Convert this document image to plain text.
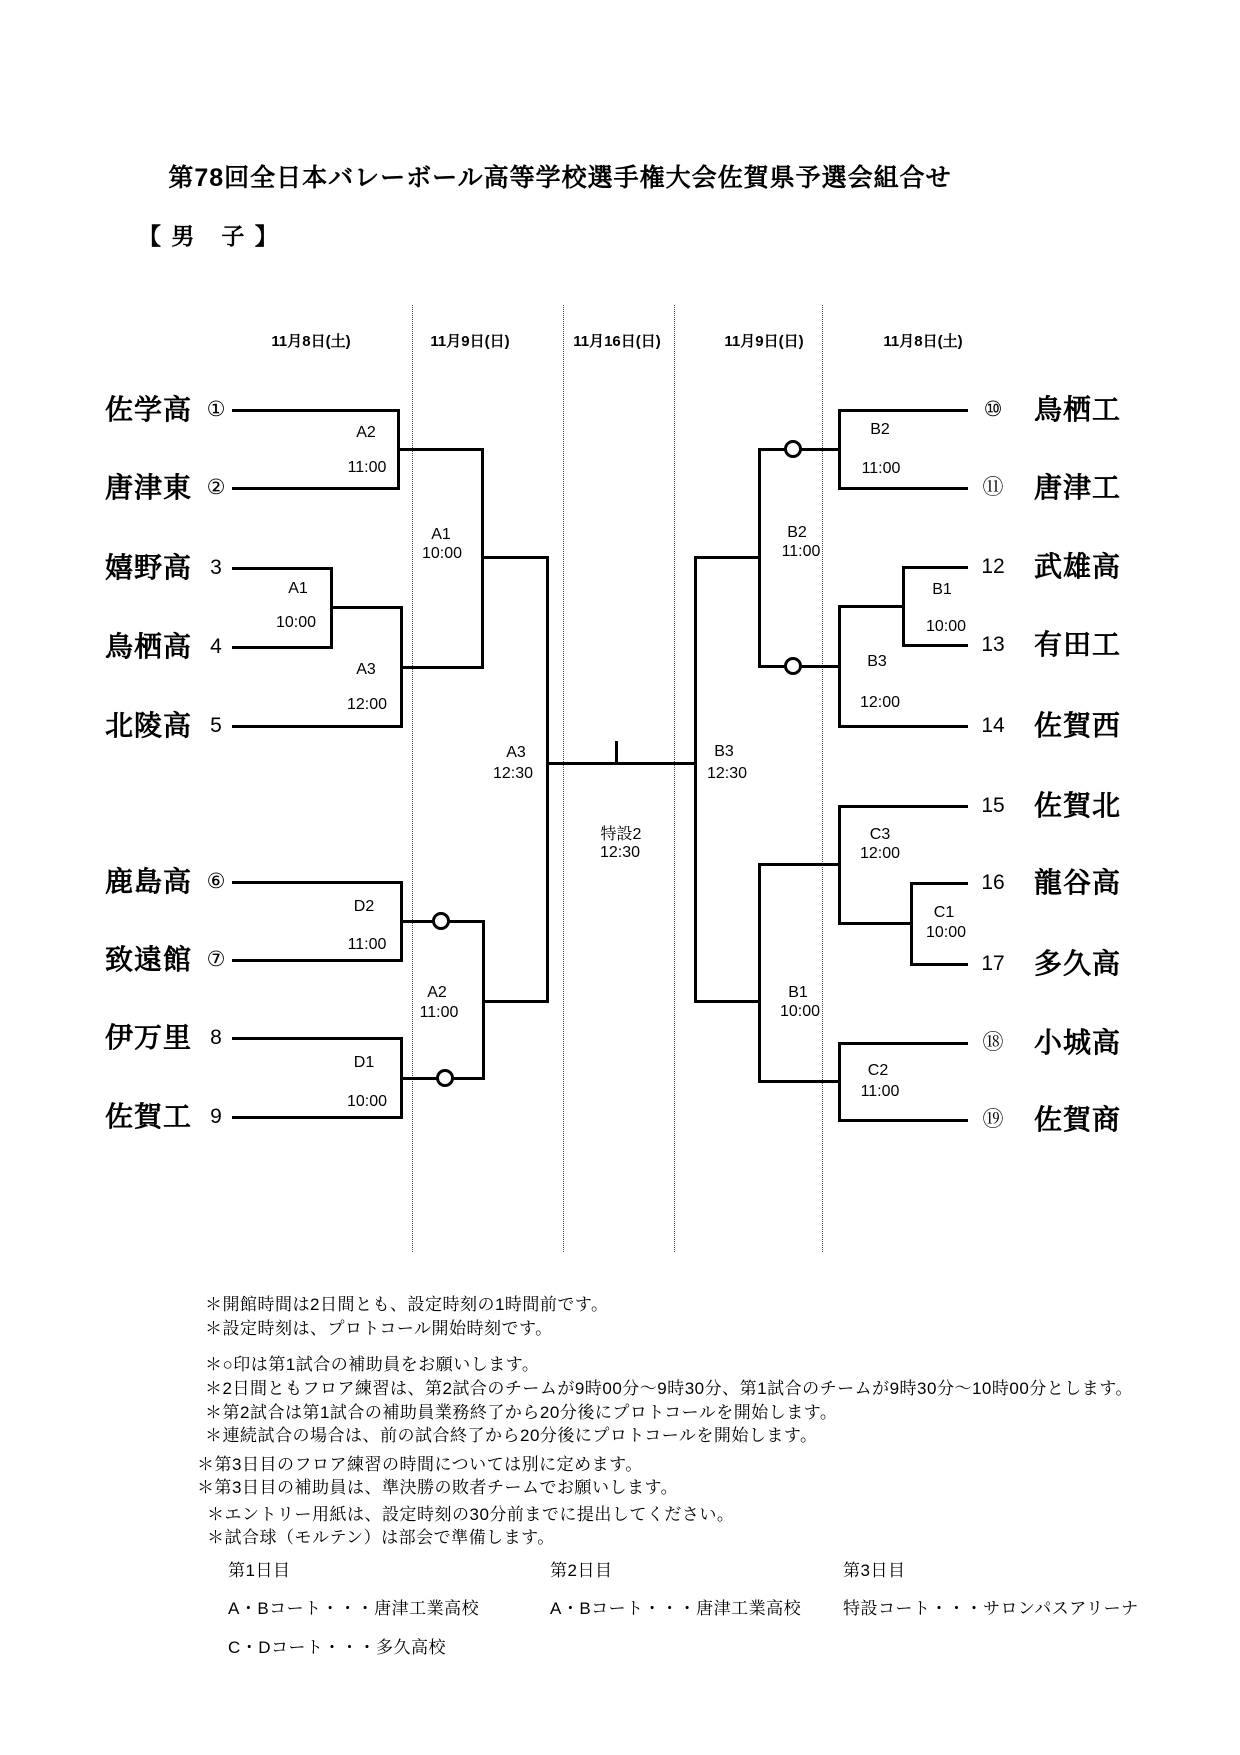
第78回全日本バレーボール高等学校選手権大会佐賀県予選会組合せ
【 男　子 】
11月8日(土)	11月9日(日)	11月16日(日)	11月9日(日)	11月8日(土)
佐学高
唐津東
嬉野高
鳥栖高
北陵高
鹿島高
致遠館
伊万里
佐賀工
①
②
3
4
5
⑥
⑦
8
9
鳥栖工
唐津工
武雄高
有田工
佐賀西
佐賀北
龍谷高
多久高
小城高
佐賀商
⑩
⑪
12
13
14
15
16
17
⑱
⑲
A2
11:00
A1
10:00
A3
12:00
D2
11:00
D1
10:00
A1
10:00
A2
11:00
A3
12:30
特設2
12:30
B3
12:30
B2
11:00
B1
10:00
B2
11:00
B1
10:00
B3
12:00
C3
12:00
C1
10:00
C2
11:00
＊開館時間は2日間とも、設定時刻の1時間前です。
＊設定時刻は、プロトコール開始時刻です。
＊○印は第1試合の補助員をお願いします。
＊2日間ともフロア練習は、第2試合のチームが9時00分～9時30分、第1試合のチームが9時30分～10時00分とします。
＊第2試合は第1試合の補助員業務終了から20分後にプロトコールを開始します。
＊連続試合の場合は、前の試合終了から20分後にプロトコールを開始します。
＊第3日目のフロア練習の時間については別に定めます。
＊第3日目の補助員は、準決勝の敗者チームでお願いします。
＊エントリー用紙は、設定時刻の30分前までに提出してください。
＊試合球（モルテン）は部会で準備します。
第1日目
A・Bコート・・・唐津工業高校
C・Dコート・・・多久高校
第2日目
A・Bコート・・・唐津工業高校
第3日目
特設コート・・・サロンパスアリーナ
